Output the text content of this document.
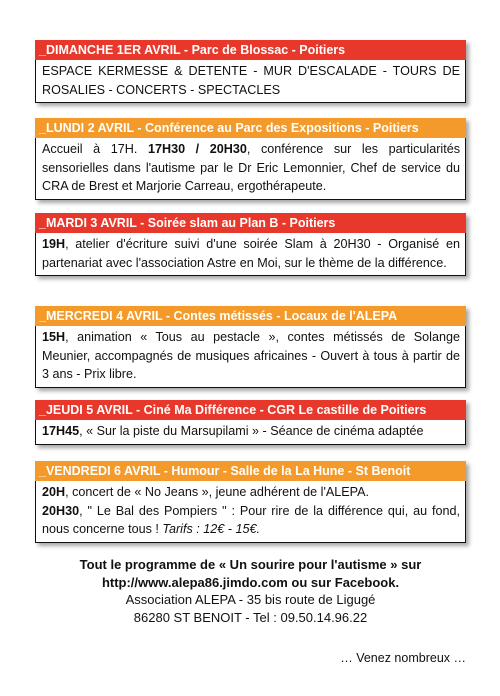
_DIMANCHE 1ER AVRIL - Parc de Blossac - Poitiers
ESPACE KERMESSE & DETENTE - MUR D'ESCALADE - TOURS DE ROSALIES - CONCERTS - SPECTACLES
_LUNDI 2 AVRIL - Conférence au Parc des Expositions - Poitiers
Accueil à 17H. 17H30 / 20H30, conférence sur les particularités sensorielles dans l'autisme par le Dr Eric Lemonnier, Chef de service du CRA de Brest et Marjorie Carreau, ergothérapeute.
_MARDI 3 AVRIL - Soirée slam au Plan B - Poitiers
19H, atelier d'écriture suivi d'une soirée Slam à 20H30 - Organisé en partenariat avec l'association Astre en Moi, sur le thème de la différence.
_MERCREDI 4 AVRIL - Contes métissés - Locaux de l'ALEPA
15H, animation « Tous au pestacle », contes métissés de Solange Meunier, accompagnés de musiques africaines - Ouvert à tous à partir de 3 ans - Prix libre.
_JEUDI 5 AVRIL - Ciné Ma Différence - CGR Le castille de Poitiers
17H45, « Sur la piste du Marsupilami » - Séance de cinéma adaptée
_VENDREDI 6 AVRIL - Humour - Salle de la La Hune - St Benoit
20H, concert de « No Jeans », jeune adhérent de l'ALEPA.
20H30, " Le Bal des Pompiers " : Pour rire de la différence qui, au fond, nous concerne tous ! Tarifs : 12€ - 15€.
Tout le programme de « Un sourire pour l'autisme » sur
http://www.alepa86.jimdo.com ou sur Facebook.
Association ALEPA - 35 bis route de Ligugé
86280 ST BENOIT - Tel : 09.50.14.96.22
… Venez nombreux …
